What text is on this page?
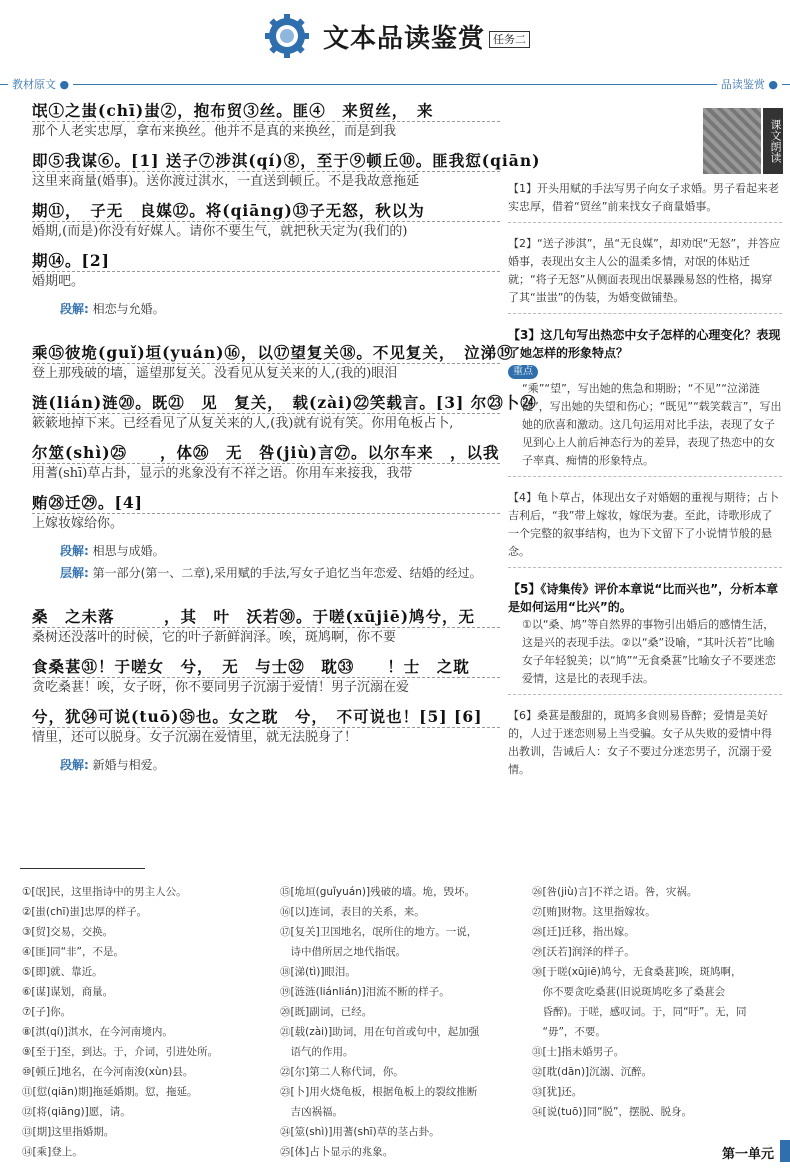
文本品读鉴赏 任务二
教材原文 ●	品读鉴赏 ●
课文朗读
氓①之蚩(chī)蚩②，抱布贸③丝。匪④　来贸丝，　来
那个人老实忠厚，拿布来换丝。他并不是真的来换丝，而是到我
即⑤我谋⑥。[1] 送子⑦涉淇(qí)⑧，至于⑨顿丘⑩。匪我愆(qiān)
这里来商量(婚事)。送你渡过淇水，一直送到顿丘。不是我故意拖延
期⑪，　子无　良媒⑫。将(qiāng)⑬子无怒，秋以为
婚期,(而是)你没有好媒人。请你不要生气，就把秋天定为(我们的)
期⑭。[2]
婚期吧。
段解: 相恋与允婚。
乘⑮彼垝(guǐ)垣(yuán)⑯，以⑰望复关⑱。不见复关，　泣涕⑲
登上那残破的墙，遥望那复关。没看见从复关来的人,(我的)眼泪
涟(lián)涟⑳。既㉑　见　复关，　载(zài)㉒笑载言。[3] 尔㉓卜㉔
簌簌地掉下来。已经看见了从复关来的人,(我)就有说有笑。你用龟板占卜,
尔筮(shì)㉕　　，体㉖　无　咎(jiù)言㉗。以尔车来　，以我
用蓍(shī)草占卦，显示的兆象没有不祥之语。你用车来接我，我带
贿㉘迁㉙。[4]
上嫁妆嫁给你。
段解: 相思与成婚。
层解: 第一部分(第一、二章),采用赋的手法,写女子追忆当年恋爱、结婚的经过。
桑　之未落　　　，其　叶　沃若㉚。于嗟(xūjiē)鸠兮，无
桑树还没落叶的时候，它的叶子新鲜润泽。唉，斑鸠啊，你不要
食桑葚㉛！于嗟女　兮，　无　与士㉜　耽㉝　　！士　之耽
贪吃桑葚！唉，女子呀，你不要同男子沉溺于爱情！男子沉溺在爱
兮，犹㉞可说(tuō)㉟也。女之耽　兮，　不可说也！[5] [6]
情里，还可以脱身。女子沉溺在爱情里，就无法脱身了！
段解: 新婚与相爱。
【1】开头用赋的手法写男子向女子求婚。男子看起来老实忠厚，借着“贸丝”前来找女子商量婚事。
【2】“送子涉淇”，虽“无良媒”，却劝氓“无怒”，并答应婚事，表现出女主人公的温柔多情，对氓的体贴迁就；“将子无怒”从侧面表现出氓暴躁易怒的性格，揭穿了其“蚩蚩”的伪装，为婚变做铺垫。
【3】这几句写出热恋中女子怎样的心理变化？表现了她怎样的形象特点？
重点
“乘”“望”，写出她的焦急和期盼；“不见”“泣涕涟涟”，写出她的失望和伤心；“既见”“载笑载言”，写出她的欣喜和激动。这几句运用对比手法，表现了女子见到心上人前后神态行为的差异，表现了热恋中的女子率真、痴情的形象特点。
【4】龟卜草占，体现出女子对婚姻的重视与期待；占卜吉利后，“我”带上嫁妆，嫁氓为妻。至此，诗歌形成了一个完整的叙事结构，也为下文留下了小说情节般的悬念。
【5】《诗集传》评价本章说“比而兴也”，分析本章是如何运用“比兴”的。
①以“桑、鸠”等自然界的事物引出婚后的感情生活，这是兴的表现手法。②以“桑”设喻，“其叶沃若”比喻女子年轻貌美；以“鸠”“无食桑葚”比喻女子不要迷恋爱情，这是比的表现手法。
【6】桑葚是酸甜的，斑鸠多食则易昏醉；爱情是美好的，人过于迷恋则易上当受骗。女子从失败的爱情中得出教训，告诫后人：女子不要过分迷恋男子，沉溺于爱情。
①[氓]民，这里指诗中的男主人公。
②[蚩(chī)蚩]忠厚的样子。
③[贸]交易，交换。
④[匪]同“非”，不是。
⑤[即]就、靠近。
⑥[谋]谋划，商量。
⑦[子]你。
⑧[淇(qí)]淇水，在今河南境内。
⑨[至于]至，到达。于，介词，引进处所。
⑩[顿丘]地名，在今河南浚(xùn)县。
⑪[愆(qiān)期]拖延婚期。愆，拖延。
⑫[将(qiāng)]愿，请。
⑬[期]这里指婚期。
⑭[乘]登上。
⑮[垝垣(guǐyuán)]残破的墙。垝，毁坏。
⑯[以]连词，表目的关系，来。
⑰[复关]卫国地名，氓所住的地方。一说，
　诗中借所居之地代指氓。
⑱[涕(tì)]眼泪。
⑲[涟涟(liánlián)]泪流不断的样子。
⑳[既]副词，已经。
㉑[载(zài)]助词，用在句首或句中，起加强
　语气的作用。
㉒[尔]第二人称代词，你。
㉓[卜]用火烧龟板，根据龟板上的裂纹推断
　吉凶祸福。
㉔[筮(shì)]用蓍(shī)草的茎占卦。
㉕[体]占卜显示的兆象。
㉖[咎(jiù)言]不祥之语。咎，灾祸。
㉗[贿]财物。这里指嫁妆。
㉘[迁]迁移，指出嫁。
㉙[沃若]润泽的样子。
㉚[于嗟(xūjiē)鸠兮，无食桑葚]唉，斑鸠啊，
　你不要贪吃桑葚(旧说斑鸠吃多了桑葚会
　昏醉)。于嗟，感叹词。于，同“吁”。无，同
　“毋”，不要。
㉛[士]指未婚男子。
㉜[耽(dān)]沉溺、沉醉。
㉝[犹]还。
㉞[说(tuō)]同“脱”，摆脱、脱身。
第一单元
